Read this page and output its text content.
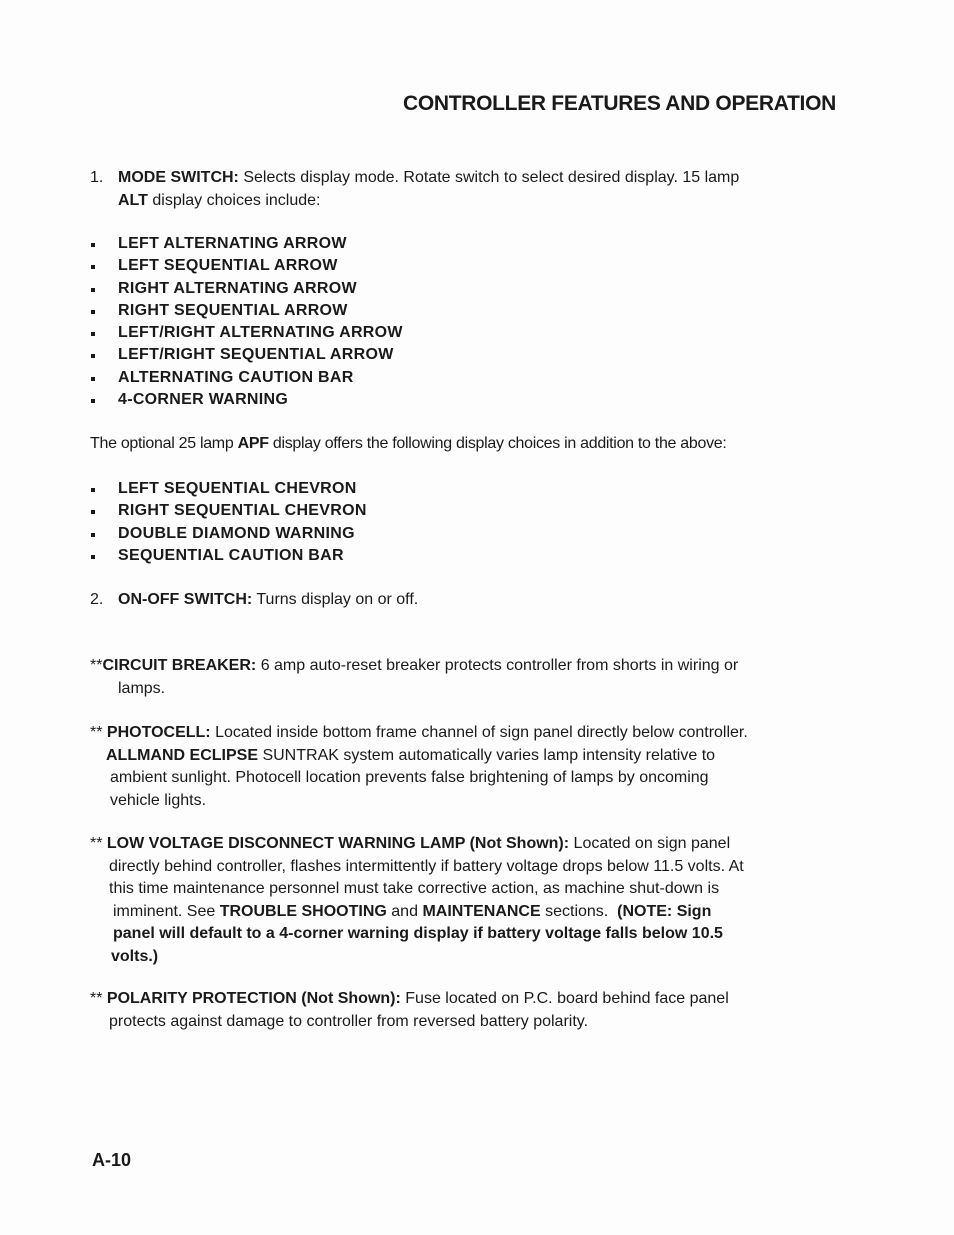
CONTROLLER FEATURES AND OPERATION
1. MODE SWITCH: Selects display mode. Rotate switch to select desired display. 15 lamp
ALT display choices include:
LEFT ALTERNATING ARROW
LEFT SEQUENTIAL ARROW
RIGHT ALTERNATING ARROW
RIGHT SEQUENTIAL ARROW
LEFT/RIGHT ALTERNATING ARROW
LEFT/RIGHT SEQUENTIAL ARROW
ALTERNATING CAUTION BAR
4-CORNER WARNING
The optional 25 lamp APF display offers the following display choices in addition to the above:
LEFT SEQUENTIAL CHEVRON
RIGHT SEQUENTIAL CHEVRON
DOUBLE DIAMOND WARNING
SEQUENTIAL CAUTION BAR
2. ON-OFF SWITCH: Turns display on or off.
**CIRCUIT BREAKER: 6 amp auto-reset breaker protects controller from shorts in wiring or
lamps.
** PHOTOCELL: Located inside bottom frame channel of sign panel directly below controller.
ALLMAND ECLIPSE SUNTRAK system automatically varies lamp intensity relative to
ambient sunlight. Photocell location prevents false brightening of lamps by oncoming
vehicle lights.
** LOW VOLTAGE DISCONNECT WARNING LAMP (Not Shown): Located on sign panel
directly behind controller, flashes intermittently if battery voltage drops below 11.5 volts. At
this time maintenance personnel must take corrective action, as machine shut-down is
imminent. See TROUBLE SHOOTING and MAINTENANCE sections. (NOTE: Sign
panel will default to a 4-corner warning display if battery voltage falls below 10.5
volts.)
** POLARITY PROTECTION (Not Shown): Fuse located on P.C. board behind face panel
protects against damage to controller from reversed battery polarity.
A-10
